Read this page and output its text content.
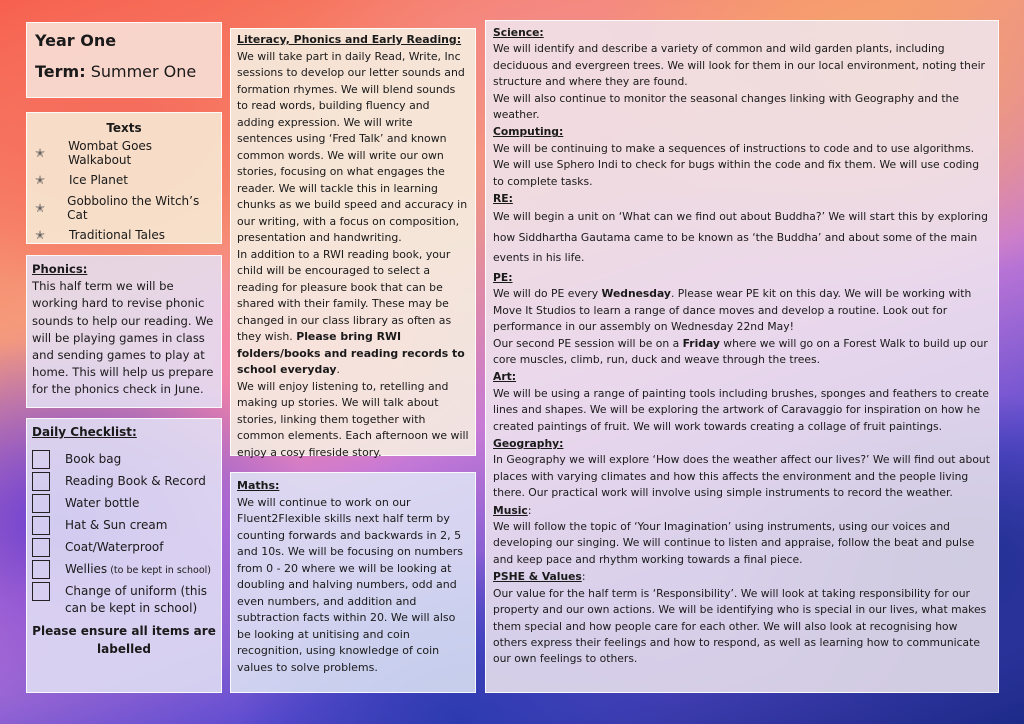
Year One
Term: Summer One
Texts
✭	Wombat Goes Walkabout
✭	Ice Planet
✭	Gobbolino the Witch’s Cat
✭	Traditional Tales
Phonics:
This half term we will be working hard to revise phonic sounds to help our reading. We will be playing games in class and sending games to play at home. This will help us prepare for the phonics check in June.
Daily Checklist:
Book bag
Reading Book & Record
Water bottle
Hat & Sun cream
Coat/Waterproof
Wellies (to be kept in school)
Change of uniform (this can be kept in school)
Please ensure all items are labelled
Literacy, Phonics and Early Reading:
We will take part in daily Read, Write, Inc sessions to develop our letter sounds and formation rhymes. We will blend sounds to read words, building fluency and adding expression. We will write sentences using ‘Fred Talk’ and known common words. We will write our own stories, focusing on what engages the reader. We will tackle this in learning chunks as we build speed and accuracy in our writing, with a focus on composition, presentation and handwriting.
In addition to a RWI reading book, your child will be encouraged to select a reading for pleasure book that can be shared with their family. These may be changed in our class library as often as they wish. Please bring RWI folders/books and reading records to school everyday.
We will enjoy listening to, retelling and making up stories. We will talk about stories, linking them together with common elements. Each afternoon we will enjoy a cosy fireside story.
Maths:
We will continue to work on our Fluent2Flexible skills next half term by counting forwards and backwards in 2, 5 and 10s. We will be focusing on numbers from 0 - 20 where we will be looking at doubling and halving numbers, odd and even numbers, and addition and subtraction facts within 20. We will also be looking at unitising and coin recognition, using knowledge of coin values to solve problems.
Science:

We will identify and describe a variety of common and wild garden plants, including deciduous and evergreen trees. We will look for them in our local environment, noting their structure and where they are found.

We will also continue to monitor the seasonal changes linking with Geography and the weather.

Computing:

We will be continuing to make a sequences of instructions to code and to use algorithms.

We will use Sphero Indi to check for bugs within the code and fix them. We will use coding to complete tasks.

RE:

We will begin a unit on ‘What can we find out about Buddha?’ We will start this by exploring how Siddhartha Gautama came to be known as ‘the Buddha’ and about some of the main events in his life.

PE:

We will do PE every Wednesday. Please wear PE kit on this day. We will be working with Move It Studios to learn a range of dance moves and develop a routine. Look out for performance in our assembly on Wednesday 22nd May!

Our second PE session will be on a Friday where we will go on a Forest Walk to build up our core muscles, climb, run, duck and weave through the trees.

Art:

We will be using a range of painting tools including brushes, sponges and feathers to create lines and shapes. We will be exploring the artwork of Caravaggio for inspiration on how he created paintings of fruit. We will work towards creating a collage of fruit paintings.

Geography:

In Geography we will explore ‘How does the weather affect our lives?’ We will find out about places with varying climates and how this affects the environment and the people living there. Our practical work will involve using simple instruments to record the weather.

Music:

We will follow the topic of ‘Your Imagination’ using instruments, using our voices and developing our singing. We will continue to listen and appraise, follow the beat and pulse and keep pace and rhythm working towards a final piece.

PSHE & Values:

Our value for the half term is ‘Responsibility’. We will look at taking responsibility for our property and our own actions. We will be identifying who is special in our lives, what makes them special and how people care for each other. We will also look at recognising how others express their feelings and how to respond, as well as learning how to communicate our own feelings to others.
